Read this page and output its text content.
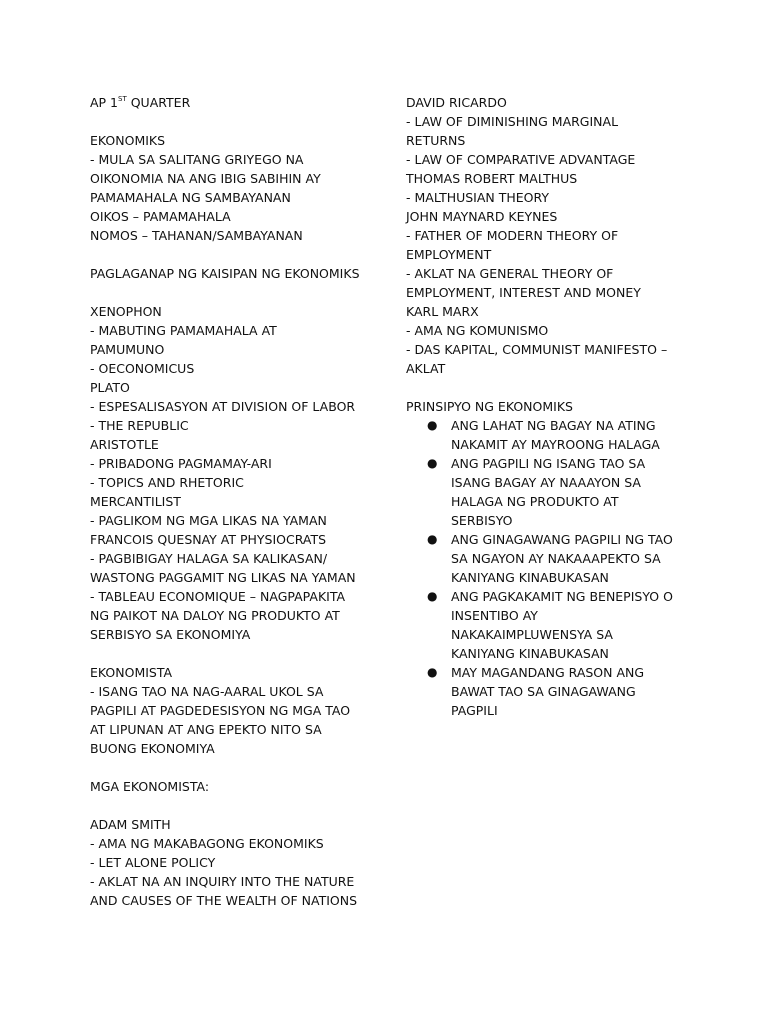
AP 1ST QUARTER
EKONOMIKS
- MULA SA SALITANG GRIYEGO NA
OIKONOMIA NA ANG IBIG SABIHIN AY
PAMAMAHALA NG SAMBAYANAN
OIKOS – PAMAMAHALA
NOMOS – TAHANAN/SAMBAYANAN
PAGLAGANAP NG KAISIPAN NG EKONOMIKS
XENOPHON
- MABUTING PAMAMAHALA AT
PAMUMUNO
- OECONOMICUS
PLATO
- ESPESALISASYON AT DIVISION OF LABOR
- THE REPUBLIC
ARISTOTLE
- PRIBADONG PAGMAMAY-ARI
- TOPICS AND RHETORIC
MERCANTILIST
- PAGLIKOM NG MGA LIKAS NA YAMAN
FRANCOIS QUESNAY AT PHYSIOCRATS
- PAGBIBIGAY HALAGA SA KALIKASAN/
WASTONG PAGGAMIT NG LIKAS NA YAMAN
- TABLEAU ECONOMIQUE – NAGPAPAKITA
NG PAIKOT NA DALOY NG PRODUKTO AT
SERBISYO SA EKONOMIYA
EKONOMISTA
- ISANG TAO NA NAG-AARAL UKOL SA
PAGPILI AT PAGDEDESISYON NG MGA TAO
AT LIPUNAN AT ANG EPEKTO NITO SA
BUONG EKONOMIYA
MGA EKONOMISTA:
ADAM SMITH
- AMA NG MAKABAGONG EKONOMIKS
- LET ALONE POLICY
- AKLAT NA AN INQUIRY INTO THE NATURE
AND CAUSES OF THE WEALTH OF NATIONS
DAVID RICARDO
- LAW OF DIMINISHING MARGINAL
RETURNS
- LAW OF COMPARATIVE ADVANTAGE
THOMAS ROBERT MALTHUS
- MALTHUSIAN THEORY
JOHN MAYNARD KEYNES
- FATHER OF MODERN THEORY OF
EMPLOYMENT
- AKLAT NA GENERAL THEORY OF
EMPLOYMENT, INTEREST AND MONEY
KARL MARX
- AMA NG KOMUNISMO
- DAS KAPITAL, COMMUNIST MANIFESTO –
AKLAT
PRINSIPYO NG EKONOMIKS
● ANG LAHAT NG BAGAY NA ATING
NAKAMIT AY MAYROONG HALAGA
● ANG PAGPILI NG ISANG TAO SA
ISANG BAGAY AY NAAAYON SA
HALAGA NG PRODUKTO AT
SERBISYO
● ANG GINAGAWANG PAGPILI NG TAO
SA NGAYON AY NAKAAAPEKTO SA
KANIYANG KINABUKASAN
● ANG PAGKAKAMIT NG BENEPISYO O
INSENTIBO AY
NAKAKAIMPLUWENSYA SA
KANIYANG KINABUKASAN
● MAY MAGANDANG RASON ANG
BAWAT TAO SA GINAGAWANG
PAGPILI
